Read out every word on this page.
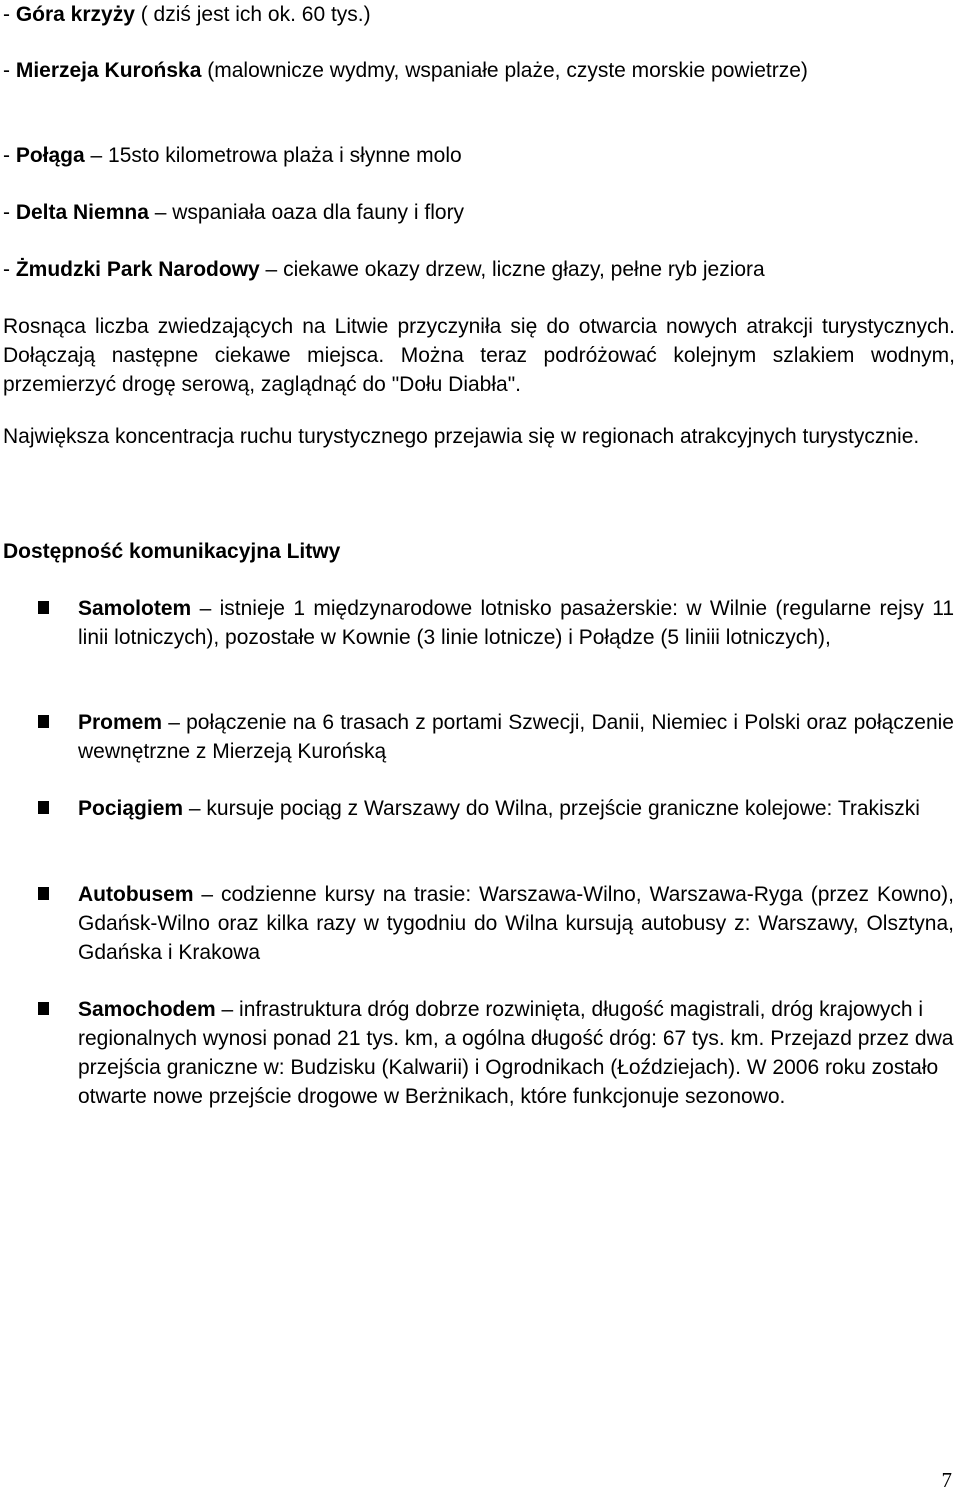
- Góra krzyży ( dziś jest ich ok. 60 tys.)
- Mierzeja Kurońska (malownicze wydmy, wspaniałe plaże, czyste morskie powietrze)
- Połąga – 15sto kilometrowa plaża i słynne molo
- Delta Niemna – wspaniała oaza dla fauny i flory
- Żmudzki Park Narodowy – ciekawe okazy drzew, liczne głazy, pełne ryb jeziora
Rosnąca liczba zwiedzających na Litwie przyczyniła się do otwarcia nowych atrakcji turystycznych. Dołączają następne ciekawe miejsca. Można teraz podróżować kolejnym szlakiem wodnym, przemierzyć drogę serową, zaglądnąć do "Dołu Diabła".
Największa koncentracja ruchu turystycznego przejawia się w regionach atrakcyjnych turystycznie.
Dostępność komunikacyjna Litwy
Samolotem – istnieje 1 międzynarodowe lotnisko pasażerskie: w Wilnie (regularne rejsy 11 linii lotniczych), pozostałe w Kownie (3 linie lotnicze) i Połądze (5 liniii lotniczych),
Promem – połączenie na 6 trasach z portami Szwecji, Danii, Niemiec i Polski oraz połączenie wewnętrzne z Mierzeją Kurońską
Pociągiem – kursuje pociąg z Warszawy do Wilna, przejście graniczne kolejowe: Trakiszki
Autobusem – codzienne kursy na trasie: Warszawa-Wilno, Warszawa-Ryga (przez Kowno), Gdańsk-Wilno oraz kilka razy w tygodniu do Wilna kursują autobusy z: Warszawy, Olsztyna, Gdańska i Krakowa
Samochodem – infrastruktura dróg dobrze rozwinięta, długość magistrali, dróg krajowych i regionalnych wynosi ponad 21 tys. km, a ogólna długość dróg: 67 tys. km. Przejazd przez dwa przejścia graniczne w: Budzisku (Kalwarii) i Ogrodnikach (Łoździejach). W 2006 roku zostało otwarte nowe przejście drogowe w Berżnikach, które funkcjonuje sezonowo.
7
